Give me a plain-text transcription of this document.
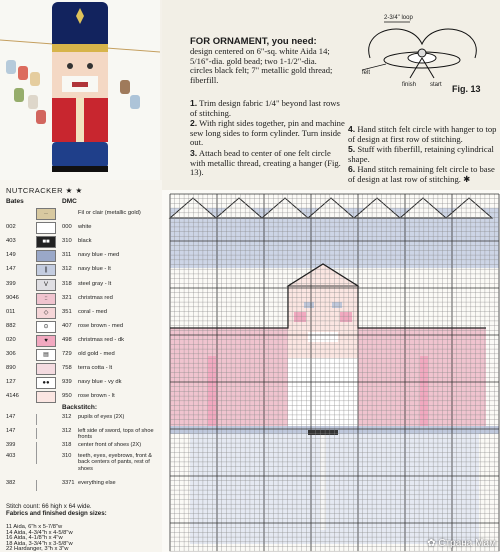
FOR ORNAMENT, you need:
design centered on 6"-sq. white Aida 14; 5/16"-dia. gold bead; two 1-1/2"-dia. circles black felt; 7" metallic gold thread; fiberfill.
1. Trim design fabric 1/4" beyond last rows of stitching.
2. With right sides together, pin and machine sew long sides to form cylinder. Turn inside out.
3. Attach bead to center of one felt circle with metallic thread, creating a hanger (Fig. 13).
4. Hand stitch felt circle with hanger to top of design at first row of stitching.
5. Stuff with fiberfill, retaining cylindrical shape.
6. Hand stitch remaining felt circle to base of design at last row of stitching. ✱
2-3/4" loop
felt
finish start Fig. 13
NUTCRACKER ★ ★
Bates	DMC
··	Fil or clair (metallic gold)
002	000	white
403	■■	310	black
149	311	navy blue - med
147	||	312	navy blue - lt
399	V	318	steel gray - lt
9046	::	321	christmas red
011	◇	351	coral - med
882	⊙	407	rose brown - med
020	♥	498	christmas red - dk
306	▤	729	old gold - med
890	758	terra cotta - lt
127	●●	939	navy blue - vy dk
4146	950	rose brown - lt
Backstitch:
147	312 pupils of eyes (2X)
147	312 left side of sword, tops of shoe fronts
399	318 center front of shoes (2X)
403	310 teeth, eyes, eyebrows, front & back centers of pants, rest of shoes
382	3371 everything else
Stitch count: 66 high x 64 wide.
Fabrics and finished design sizes:
11 Aida, 6"h x 5-7/8"w
14 Aida, 4-3/4"h x 4-5/8"w
16 Aida, 4-1/8"h x 4"w
18 Aida, 3-3/4"h x 3-5/8"w
22 Hardanger, 3"h x 3"w
✿ Страна Мам
